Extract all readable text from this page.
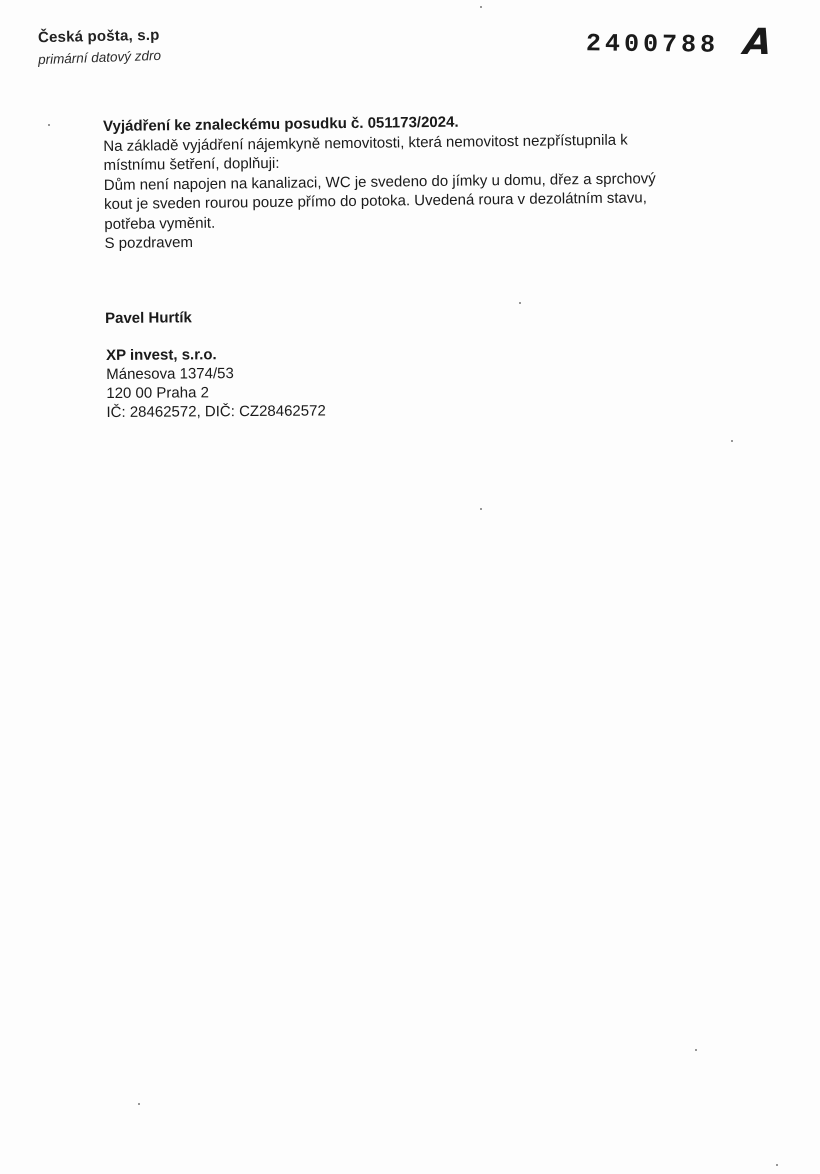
Česká pošta, s.p
primární datový zdro	2400788 A
Vyjádření ke znaleckému posudku č. 051173/2024.
Na základě vyjádření nájemkyně nemovitosti, která nemovitost nezpřístupnila k
místnímu šetření, doplňuji:
Dům není napojen na kanalizaci, WC je svedeno do jímky u domu, dřez a sprchový
kout je sveden rourou pouze přímo do potoka. Uvedená roura v dezolátním stavu,
potřeba vyměnit.
S pozdravem
Pavel Hurtík
XP invest, s.r.o.
Mánesova 1374/53
120 00 Praha 2
IČ: 28462572, DIČ: CZ28462572
